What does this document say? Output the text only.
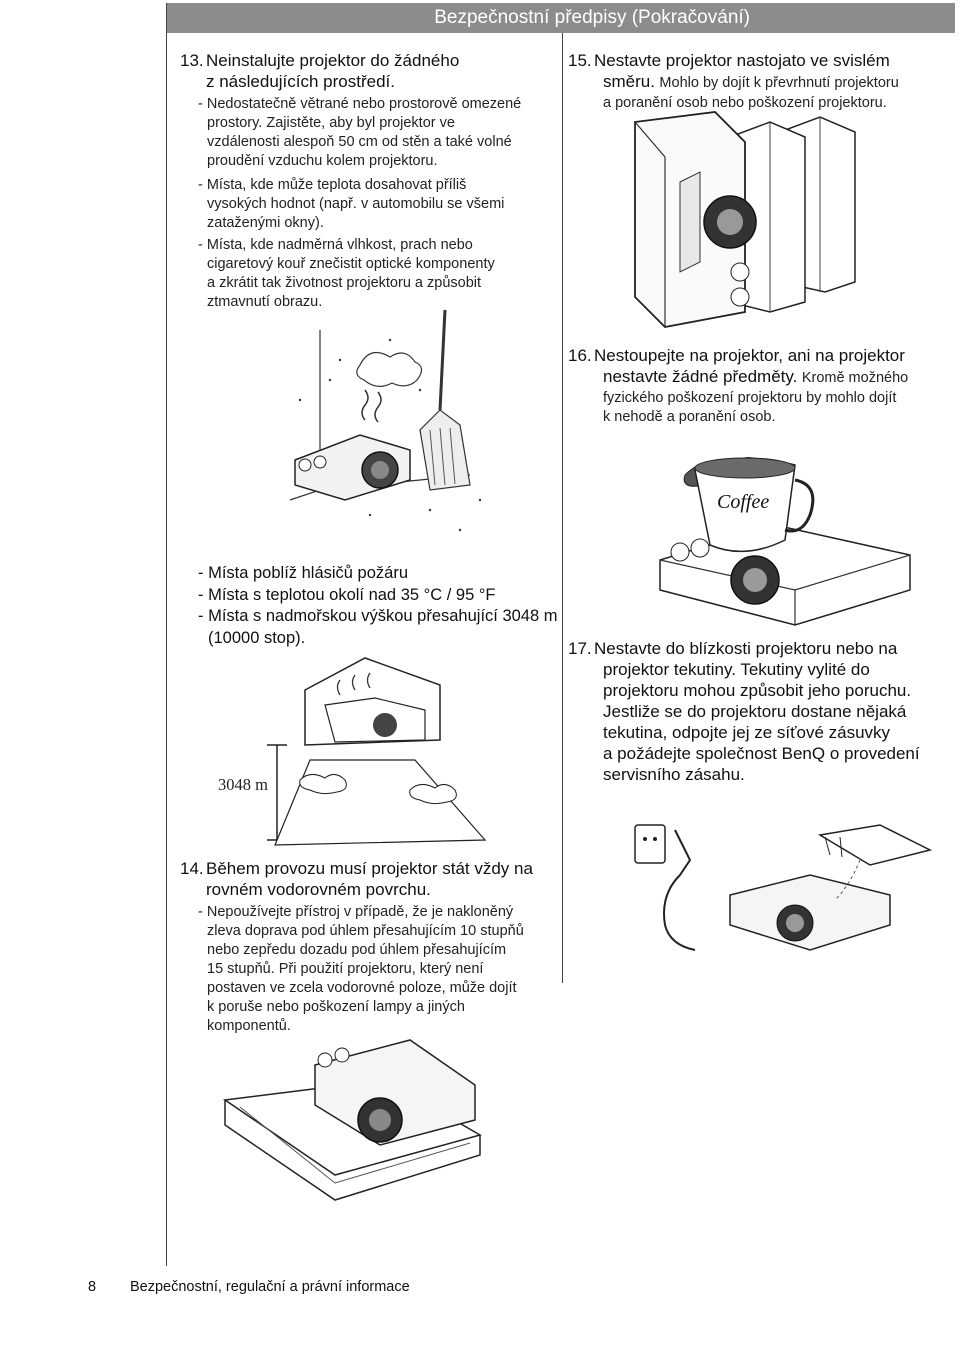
Bezpečnostní předpisy (Pokračování)
13. Neinstalujte projektor do žádného
z následujících prostředí.
- Nedostatečně větrané nebo prostorově omezené
prostory. Zajistěte, aby byl projektor ve
vzdálenosti alespoň 50 cm od stěn a také volné
proudění vzduchu kolem projektoru.
- Místa, kde může teplota dosahovat příliš
vysokých hodnot (např. v automobilu se všemi
zataženými okny).
- Místa, kde nadměrná vlhkost, prach nebo
cigaretový kouř znečistit optické komponenty
a zkrátit tak životnost projektoru a způsobit
ztmavnutí obrazu.
- Místa poblíž hlásičů požáru
- Místa s teplotou okolí nad 35 °C / 95 °F
- Místa s nadmořskou výškou přesahující 3048 m
(10000 stop).
3048 m
14. Během provozu musí projektor stát vždy na
rovném vodorovném povrchu.
- Nepoužívejte přístroj v případě, že je nakloněný
zleva doprava pod úhlem přesahujícím 10 stupňů
nebo zepředu dozadu pod úhlem přesahujícím
15 stupňů. Při použití projektoru, který není
postaven ve zcela vodorovné poloze, může dojít
k poruše nebo poškození lampy a jiných
komponentů.
15. Nestavte projektor nastojato ve svislém
směru. Mohlo by dojít k převrhnutí projektoru
a poranění osob nebo poškození projektoru.
16. Nestoupejte na projektor, ani na projektor
nestavte žádné předměty. Kromě možného
fyzického poškození projektoru by mohlo dojít
k nehodě a poranění osob.
Coffee
17. Nestavte do blízkosti projektoru nebo na
projektor tekutiny. Tekutiny vylité do
projektoru mohou způsobit jeho poruchu.
Jestliže se do projektoru dostane nějaká
tekutina, odpojte jej ze síťové zásuvky
a požádejte společnost BenQ o provedení
servisního zásahu.
8 Bezpečnostní, regulační a právní informace
